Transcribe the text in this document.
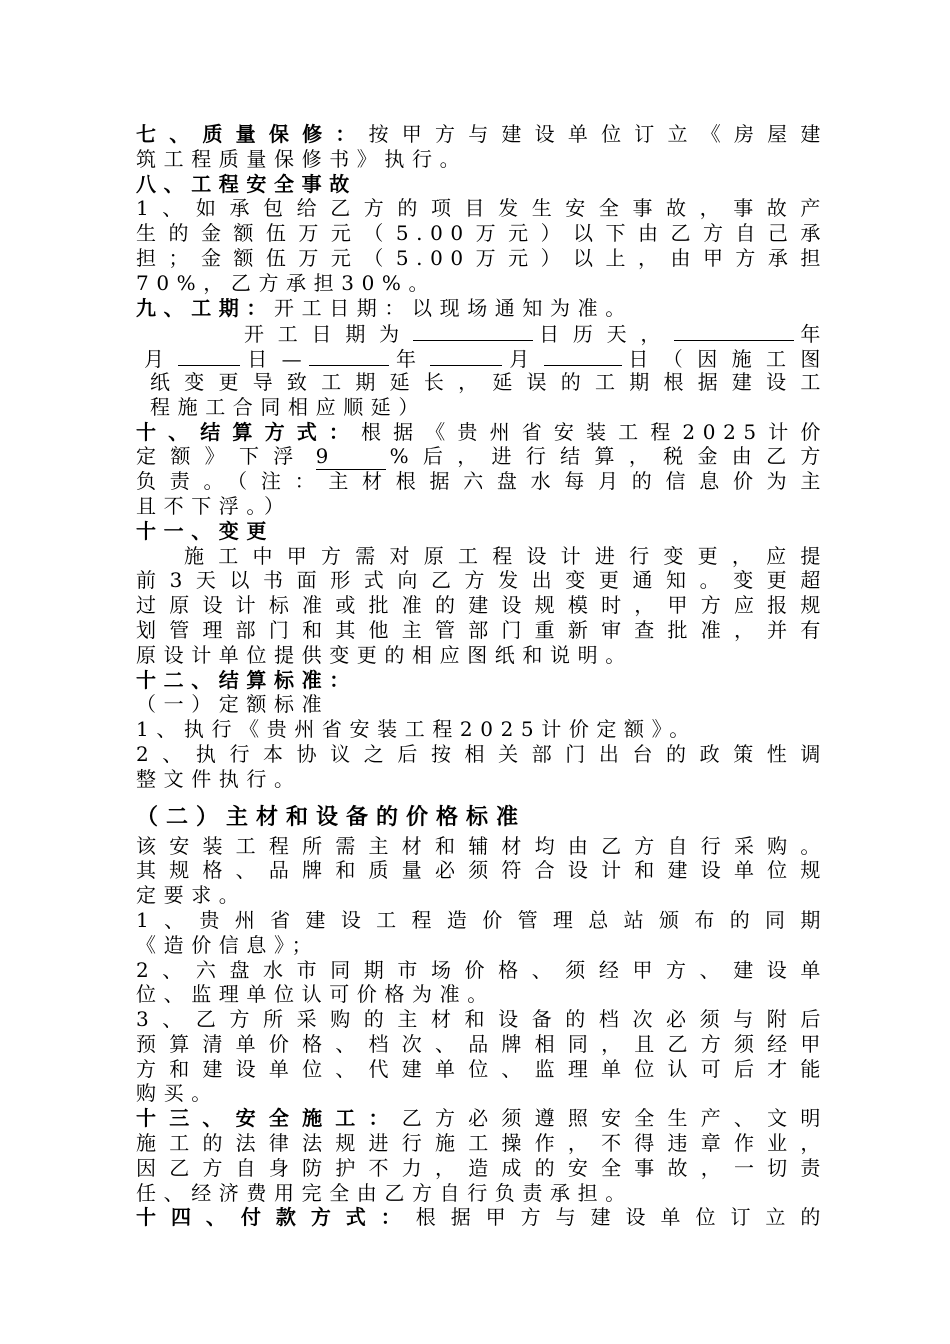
七、质量保修：按甲方与建设单位订立《房屋建
筑工程质量保修书》执行。
八、工程安全事故
1、如承包给乙方的项目发生安全事故，事故产
生的金额伍万元（5.00万元）以下由乙方自己承
担；金额伍万元（5.00万元）以上，由甲方承担
70%，乙方承担30%。
九、工期：开工日期：以现场通知为准。
开工日期为	日历天，	年
月	日—	年	月	日（因施工图
纸变更导致工期延长，延误的工期根据建设工
程施工合同相应顺延）
十、结算方式：根据《贵州省安装工程2025计价
定额》下浮 9	%后，进行结算，税金由乙方
负责。（注：主材根据六盘水每月的信息价为主
且不下浮。）
十一、变更
施工中甲方需对原工程设计进行变更，应提
前3天以书面形式向乙方发出变更通知。变更超
过原设计标准或批准的建设规模时，甲方应报规
划管理部门和其他主管部门重新审查批准，并有
原设计单位提供变更的相应图纸和说明。
十二、结算标准：
（一）定额标准
1、执行《贵州省安装工程2025计价定额》。
2、执行本协议之后按相关部门出台的政策性调
整文件执行。
（二）主材和设备的价格标准
该安装工程所需主材和辅材均由乙方自行采购。
其规格、品牌和质量必须符合设计和建设单位规
定要求。
1、贵州省建设工程造价管理总站颁布的同期
《造价信息》；
2、六盘水市同期市场价格、须经甲方、建设单
位、监理单位认可价格为准。
3、乙方所采购的主材和设备的档次必须与附后
预算清单价格、档次、品牌相同，且乙方须经甲
方和建设单位、代建单位、监理单位认可后才能
购买。
十三、安全施工：乙方必须遵照安全生产、文明
施工的法律法规进行施工操作，不得违章作业，
因乙方自身防护不力，造成的安全事故，一切责
任、经济费用完全由乙方自行负责承担。
十四、付款方式：根据甲方与建设单位订立的
